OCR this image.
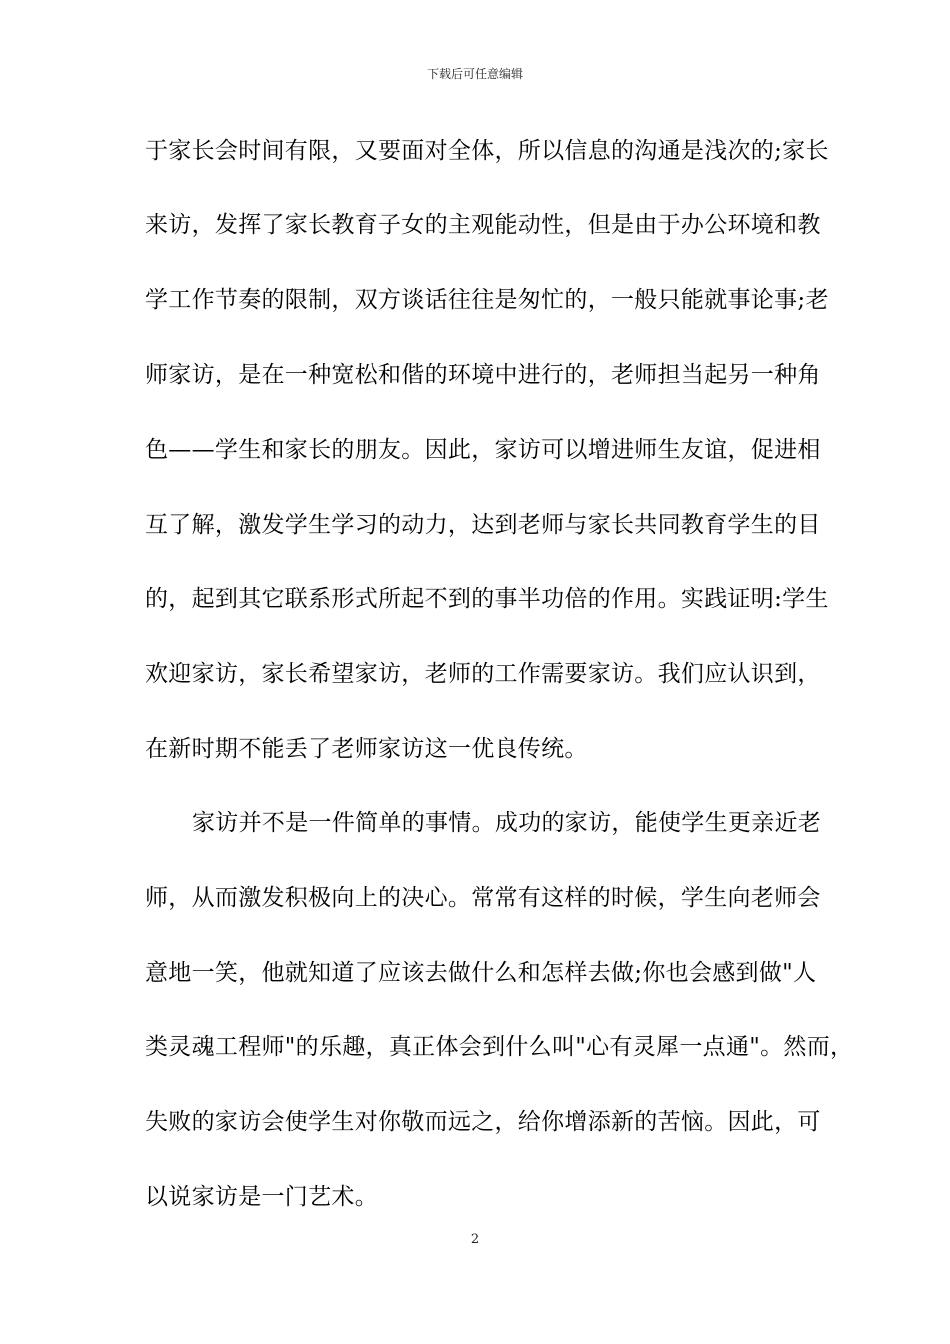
下载后可任意编辑
于家长会时间有限，又要面对全体，所以信息的沟通是浅次的;家长
来访，发挥了家长教育子女的主观能动性，但是由于办公环境和教
学工作节奏的限制，双方谈话往往是匆忙的，一般只能就事论事;老
师家访，是在一种宽松和偕的环境中进行的，老师担当起另一种角
色——学生和家长的朋友。因此，家访可以增进师生友谊，促进相
互了解，激发学生学习的动力，达到老师与家长共同教育学生的目
的，起到其它联系形式所起不到的事半功倍的作用。实践证明:学生
欢迎家访，家长希望家访，老师的工作需要家访。我们应认识到，
在新时期不能丢了老师家访这一优良传统。
家访并不是一件简单的事情。成功的家访，能使学生更亲近老
师，从而激发积极向上的决心。常常有这样的时候，学生向老师会
意地一笑，他就知道了应该去做什么和怎样去做;你也会感到做"人
类灵魂工程师"的乐趣，真正体会到什么叫"心有灵犀一点通"。然而，
失败的家访会使学生对你敬而远之，给你增添新的苦恼。因此，可
以说家访是一门艺术。
2
